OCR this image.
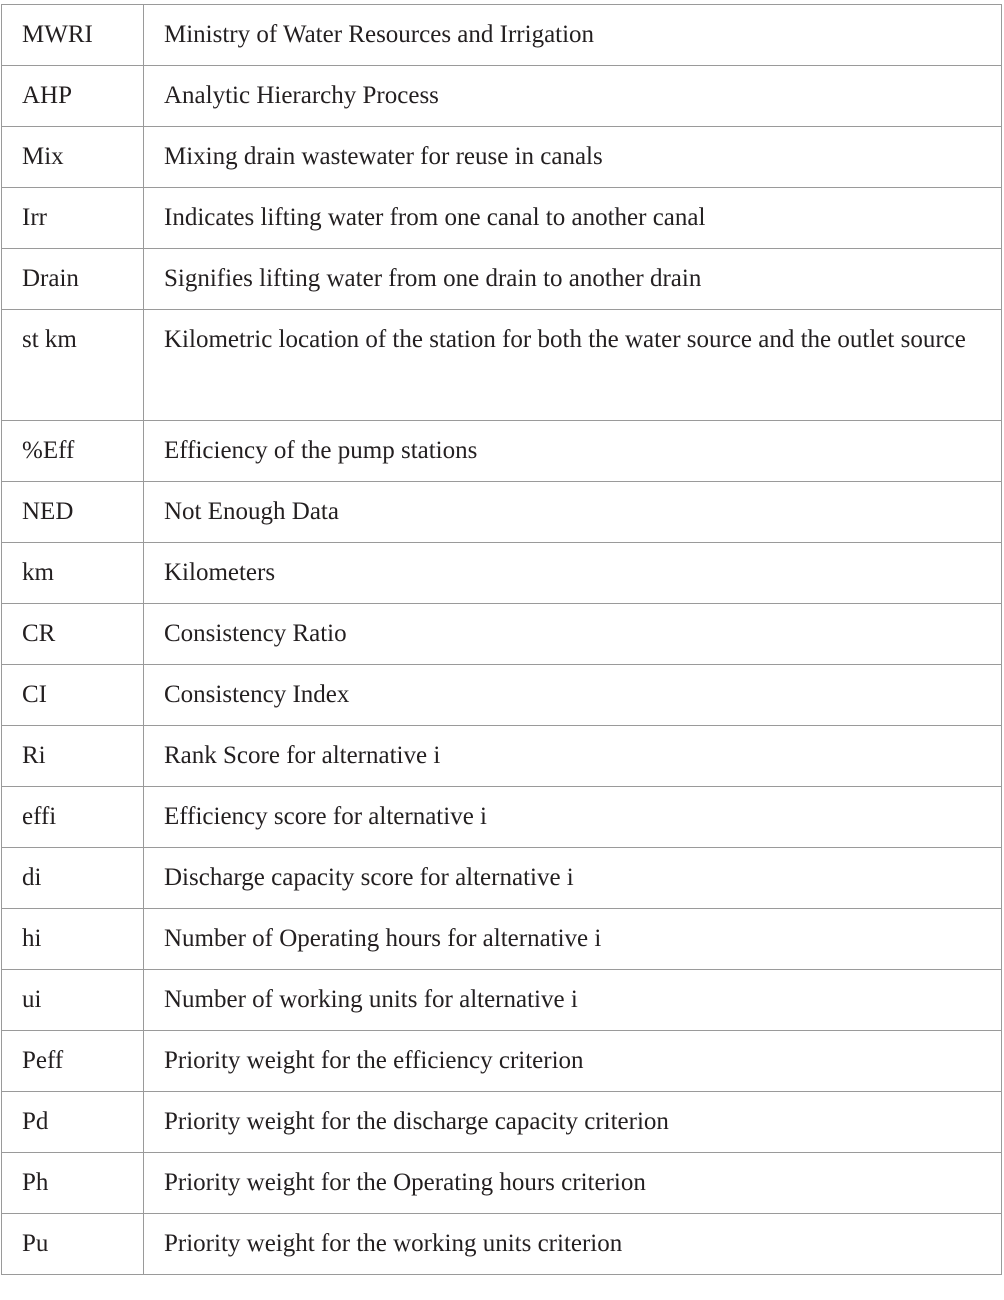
MWRI	Ministry of Water Resources and Irrigation

AHP	Analytic Hierarchy Process

Mix	Mixing drain wastewater for reuse in canals

Irr	Indicates lifting water from one canal to another canal

Drain	Signifies lifting water from one drain to another drain

st km	Kilometric location of the station for both the water source and the outlet source

%Eff	Efficiency of the pump stations

NED	Not Enough Data

km	Kilometers

CR	Consistency Ratio

CI	Consistency Index

Ri	Rank Score for alternative i

effi	Efficiency score for alternative i

di	Discharge capacity score for alternative i

hi	Number of Operating hours for alternative i

ui	Number of working units for alternative i

Peff	Priority weight for the efficiency criterion

Pd	Priority weight for the discharge capacity criterion

Ph	Priority weight for the Operating hours criterion

Pu	Priority weight for the working units criterion
